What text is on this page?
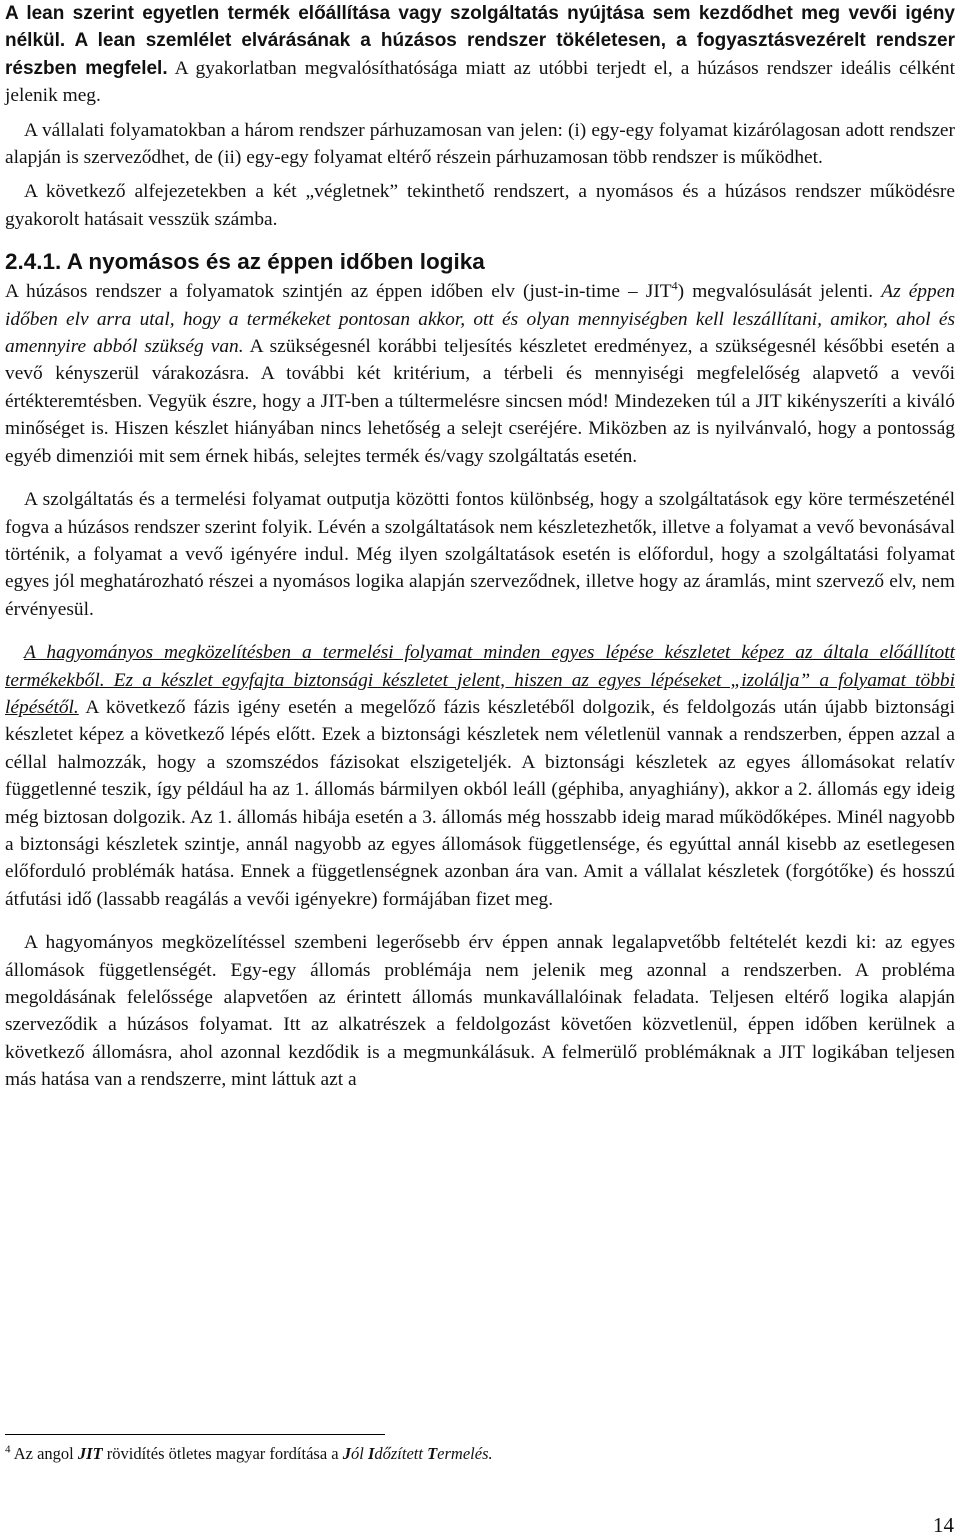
A lean szerint egyetlen termék előállítása vagy szolgáltatás nyújtása sem kezdődhet meg vevői igény nélkül. A lean szemlélet elvárásának a húzásos rendszer tökéletesen, a fogyasztásvezérelt rendszer részben megfelel. A gyakorlatban megvalósíthatósága miatt az utóbbi terjedt el, a húzásos rendszer ideális célként jelenik meg.

A vállalati folyamatokban a három rendszer párhuzamosan van jelen: (i) egy-egy folyamat kizárólagosan adott rendszer alapján is szerveződhet, de (ii) egy-egy folyamat eltérő részein párhuzamosan több rendszer is működhet.

A következő alfejezetekben a két „végletnek” tekinthető rendszert, a nyomásos és a húzásos rendszer működésre gyakorolt hatásait vesszük számba.

2.4.1. A nyomásos és az éppen időben logika

A húzásos rendszer a folyamatok szintjén az éppen időben elv (just-in-time – JIT$^4$) megvalósulását jelenti. Az éppen időben elv arra utal, hogy a termékeket pontosan akkor, ott és olyan mennyiségben kell leszállítani, amikor, ahol és amennyire abból szükség van. A szükségesnél korábbi teljesítés készletet eredményez, a szükségesnél későbbi esetén a vevő kényszerül várakozásra. A további két kritérium, a térbeli és mennyiségi megfelelőség alapvető a vevői értékteremtésben. Vegyük észre, hogy a JIT-ben a túltermelésre sincsen mód! Mindezeken túl a JIT kikényszeríti a kiváló minőséget is. Hiszen készlet hiányában nincs lehetőség a selejt cseréjére. Miközben az is nyilvánvaló, hogy a pontosság egyéb dimenziói mit sem érnek hibás, selejtes termék és/vagy szolgáltatás esetén.

A szolgáltatás és a termelési folyamat outputja közötti fontos különbség, hogy a szolgáltatások egy köre természeténél fogva a húzásos rendszer szerint folyik. Lévén a szolgáltatások nem készletezhetők, illetve a folyamat a vevő bevonásával történik, a folyamat a vevő igényére indul. Még ilyen szolgáltatások esetén is előfordul, hogy a szolgáltatási folyamat egyes jól meghatározható részei a nyomásos logika alapján szerveződnek, illetve hogy az áramlás, mint szervező elv, nem érvényesül.

A hagyományos megközelítésben a termelési folyamat minden egyes lépése készletet képez az általa előállított termékekből. Ez a készlet egyfajta biztonsági készletet jelent, hiszen az egyes lépéseket „izolálja” a folyamat többi lépésétől. A következő fázis igény esetén a megelőző fázis készletéből dolgozik, és feldolgozás után újabb biztonsági készletet képez a következő lépés előtt. Ezek a biztonsági készletek nem véletlenül vannak a rendszerben, éppen azzal a céllal halmozzák, hogy a szomszédos fázisokat elszigeteljék. A biztonsági készletek az egyes állomásokat relatív függetlenné teszik, így például ha az 1. állomás bármilyen okból leáll (géphiba, anyaghiány), akkor a 2. állomás egy ideig még biztosan dolgozik. Az 1. állomás hibája esetén a 3. állomás még hosszabb ideig marad működőképes. Minél nagyobb a biztonsági készletek szintje, annál nagyobb az egyes állomások függetlensége, és egyúttal annál kisebb az esetlegesen előforduló problémák hatása. Ennek a függetlenségnek azonban ára van. Amit a vállalat készletek (forgótőke) és hosszú átfutási idő (lassabb reagálás a vevői igényekre) formájában fizet meg.

A hagyományos megközelítéssel szembeni legerősebb érv éppen annak legalapvetőbb feltételét kezdi ki: az egyes állomások függetlenségét. Egy-egy állomás problémája nem jelenik meg azonnal a rendszerben. A probléma megoldásának felelőssége alapvetően az érintett állomás munkavállalóinak feladata. Teljesen eltérő logika alapján szerveződik a húzásos folyamat. Itt az alkatrészek a feldolgozást követően közvetlenül, éppen időben kerülnek a következő állomásra, ahol azonnal kezdődik is a megmunkálásuk. A felmerülő problémáknak a JIT logikában teljesen más hatása van a rendszerre, mint láttuk azt a

$^4$ Az angol JIT rövidítés ötletes magyar fordítása a Jól Időzített Termelés.
14
